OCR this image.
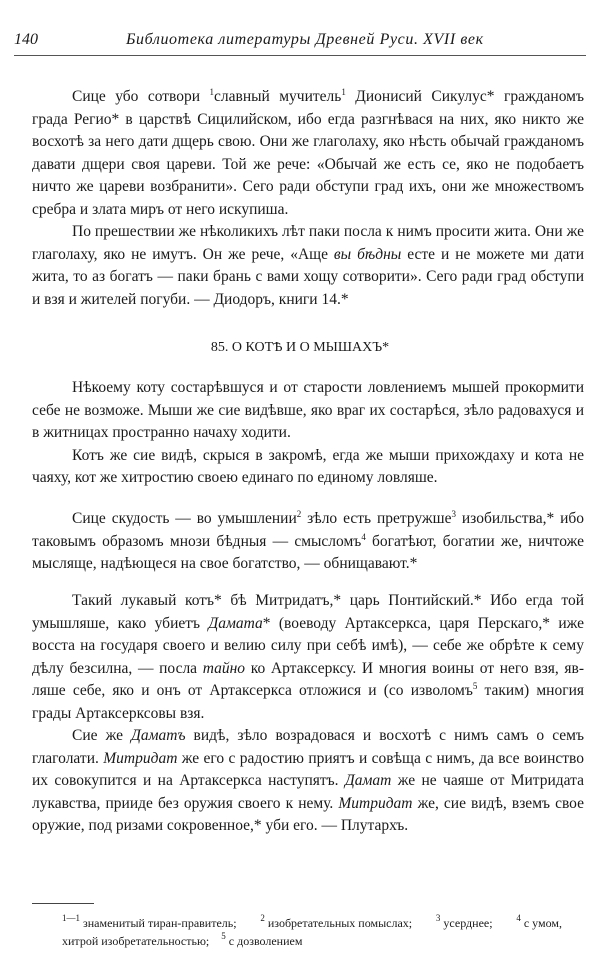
140	Библиотека литературы Древней Руси. XVII век

Сице убо сотвори $^1$славный мучитель$^1$ Дионисий Сикулус* гражданомъ града Регио* в царствѣ Сицилийском, ибо егда разгнѣвася на них, яко никто же восхотѣ за него дати дщерь свою. Они же глаголаху, яко нѣсть обычай гражданомъ давати дщери своя цареви. Той же рече: «Обычай же есть се, яко не подобаетъ ничто же цареви возбранити». Сего ради обступи град ихъ, они же множествомъ сребра и злата миръ от него искупиша.

По прешествии же нѣколикихъ лѣт паки посла к нимъ просити жита. Они же глаголаху, яко не имутъ. Он же рече, «Аще вы бѣдны есте и не можете ми дати жита, то аз богатъ — паки брань с вами хощу сотворити». Сего ради град обступи и взя и жителей погуби. — Диодоръ, книги 14.*

85. О КОТѢ И О МЫШАХЪ*

Нѣкоему коту состарѣвшуся и от старости ловлениемъ мышей прокормити себе не возможе. Мыши же сие видѣвше, яко враг их состарѣся, зѣло радовахуся и в житницах пространно начаху ходити.

Котъ же сие видѣ, скрыся в закромѣ, егда же мыши прихождаху и кота не чаяху, кот же хитростию своею единаго по единому ловляше.

Сице скудость — во умышлении$^2$ зѣло есть претружше$^3$ изобильства,* ибо таковымъ образомъ мнози бѣдныя — смысломъ$^4$ богатѣют, богатии же, ничтоже мысляще, надѣющеся на свое богатство, — обнищавают.*

Такий лукавый котъ* бѣ Митридатъ,* царь Понтийский.* Ибо егда той умышляше, како убиетъ Дамата* (воеводу Артаксеркса, царя Перскаго,* иже восста на государя своего и велию силу при себѣ имѣ), — себе же обрѣте к сему дѣлу безсилна, — посла тайно ко Артаксерксу. И многия воины от него взя, являше себе, яко и онъ от Артаксеркса отложися и (со изволомъ$^5$ таким) многия грады Артаксерксовы взя.

Сие же Даматъ видѣ, зѣло возрадовася и восхотѣ с нимъ самъ о семъ глаголати. Митридат же его с радостию приятъ и совѣща с нимъ, да все воинство их совокупится и на Артаксеркса наступятъ. Дамат же не чаяше от Митридата лукавства, прииде без оружия своего к нему. Митридат же, сие видѣ, вземъ свое оружие, под ризами сокровенное,* уби его. — Плутархъ.

$^{1—1}$ знаменитый тиран-правитель;	$^2$ изобретательных помыслах;	$^3$ усерднее;	$^4$ с умом,
хитрой изобретательностью; $^5$ с дозволением
